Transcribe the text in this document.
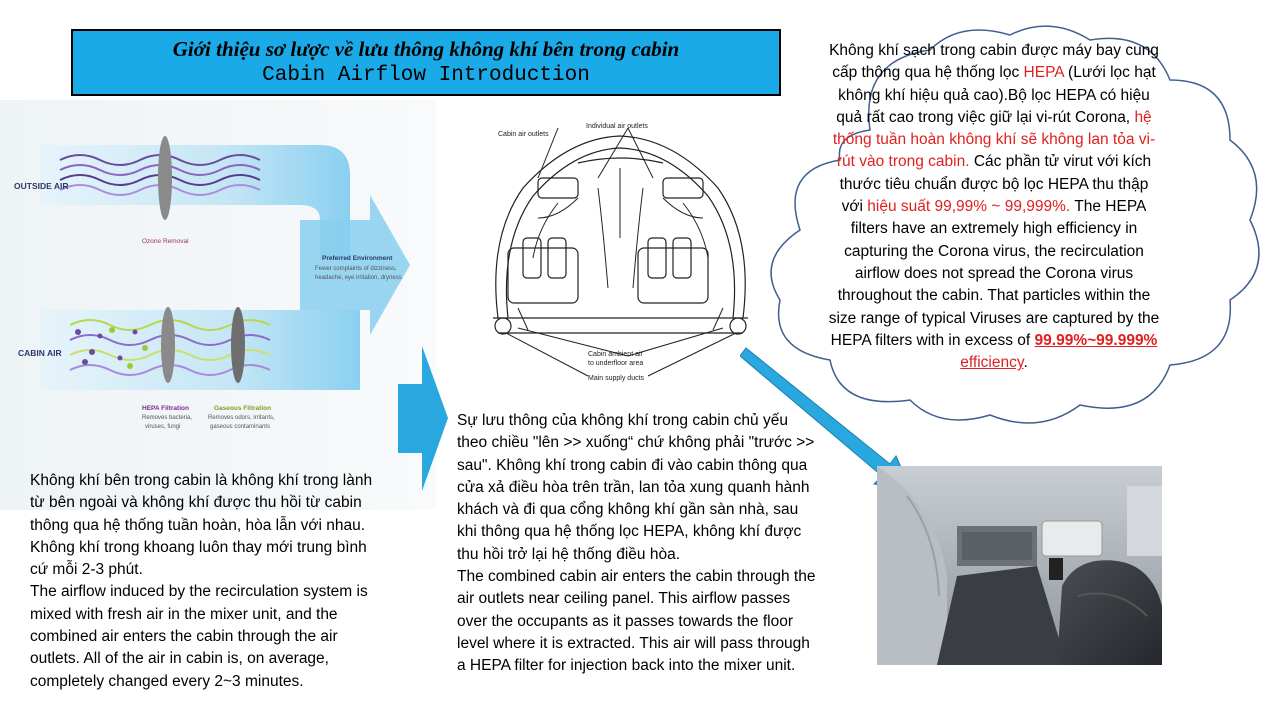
Giới thiệu sơ lược về lưu thông không khí bên trong cabin
Cabin Airflow Introduction
OUTSIDE AIR
CABIN AIR
Ozone Removal
Preferred Environment
Fewer complaints of dizziness,
headache, eye irritation, dryness
HEPA Filtration
Removes bacteria,
viruses, fungi
Gaseous Filtration
Removes odors, irritants,
gaseous contaminants
Cabin air outlets
Individual air outlets
Cabin ambient air
to underfloor area
Main supply ducts
Không khí bên trong cabin là không khí trong lành từ bên ngoài và không khí được thu hồi từ cabin thông qua hệ thống tuần hoàn, hòa lẫn với nhau. Không khí trong khoang luôn thay mới trung bình cứ mỗi 2-3 phút.
The airflow induced by the recirculation system is mixed with fresh air in the mixer unit, and the combined air enters the cabin through the air outlets. All of the air in cabin is, on average, completely changed every 2~3 minutes.
Sự lưu thông của không khí trong cabin chủ yếu theo chiều "lên >> xuống“ chứ không phải "trước >> sau". Không khí trong cabin đi vào cabin thông qua cửa xả điều hòa trên trần, lan tỏa xung quanh hành khách và đi qua cổng không khí gần sàn nhà, sau khi thông qua hệ thống lọc HEPA, không khí được thu hồi trở lại hệ thống điều hòa.
The combined cabin air enters the cabin through the air outlets near ceiling panel. This airflow passes over the occupants as it passes towards the floor level where it is extracted. This air will pass through a HEPA filter for injection back into the mixer unit.
Không khí sạch trong cabin được máy bay cung cấp thông qua hệ thống lọc HEPA (Lưới lọc hạt không khí hiệu quả cao).Bộ lọc HEPA có hiệu quả rất cao trong việc giữ lại vi-rút Corona, hệ thống tuần hoàn không khí sẽ không lan tỏa vi-rút vào trong cabin. Các phần tử virut với kích thước tiêu chuẩn được bộ lọc HEPA thu thập với hiệu suất 99,99% ~ 99,999%. The HEPA filters have an extremely high efficiency in capturing the Corona virus, the recirculation airflow does not spread the Corona virus throughout the cabin. That particles within the size range of typical Viruses are captured by the HEPA filters with in excess of 99.99%~99.999% efficiency.
